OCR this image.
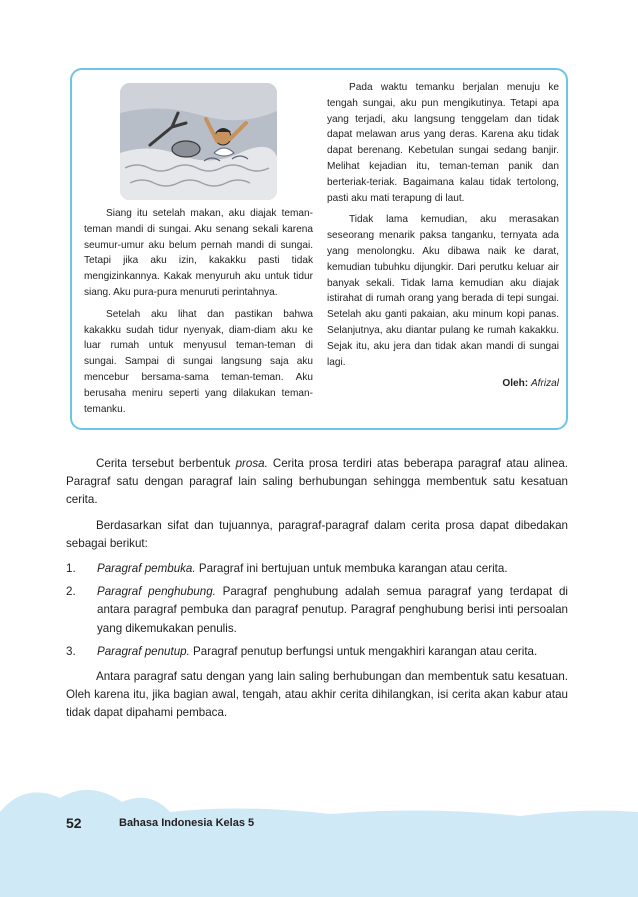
Siang itu setelah makan, aku diajak teman-teman mandi di sungai. Aku senang sekali karena seumur-umur aku belum pernah mandi di sungai. Tetapi jika aku izin, kakakku pasti tidak mengizinkannya. Kakak menyuruh aku untuk tidur siang. Aku pura-pura menuruti perintahnya.

Setelah aku lihat dan pastikan bahwa kakakku sudah tidur nyenyak, diam-diam aku ke luar rumah untuk menyusul teman-teman di sungai. Sampai di sungai langsung saja aku mencebur bersama-sama teman-teman. Aku berusaha meniru seperti yang dilakukan teman-temanku.

Pada waktu temanku berjalan menuju ke tengah sungai, aku pun mengikutinya. Tetapi apa yang terjadi, aku langsung tenggelam dan tidak dapat melawan arus yang deras. Karena aku tidak dapat berenang. Kebetulan sungai sedang banjir. Melihat kejadian itu, teman-teman panik dan berteriak-teriak. Bagaimana kalau tidak tertolong, pasti aku mati terapung di laut.

Tidak lama kemudian, aku merasakan seseorang menarik paksa tanganku, ternyata ada yang menolongku. Aku dibawa naik ke darat, kemudian tubuhku dijungkir. Dari perutku keluar air banyak sekali. Tidak lama kemudian aku diajak istirahat di rumah orang yang berada di tepi sungai. Setelah aku ganti pakaian, aku minum kopi panas. Selanjutnya, aku diantar pulang ke rumah kakakku. Sejak itu, aku jera dan tidak akan mandi di sungai lagi.

Oleh: Afrizal

Cerita tersebut berbentuk prosa. Cerita prosa terdiri atas beberapa paragraf atau alinea. Paragraf satu dengan paragraf lain saling berhubungan sehingga membentuk satu kesatuan cerita.

Berdasarkan sifat dan tujuannya, paragraf-paragraf dalam cerita prosa dapat dibedakan sebagai berikut:

1. Paragraf pembuka. Paragraf ini bertujuan untuk membuka karangan atau cerita.
2. Paragraf penghubung. Paragraf penghubung adalah semua paragraf yang terdapat di antara paragraf pembuka dan paragraf penutup. Paragraf penghubung berisi inti persoalan yang dikemukakan penulis.
3. Paragraf penutup. Paragraf penutup berfungsi untuk mengakhiri karangan atau cerita.

Antara paragraf satu dengan yang lain saling berhubungan dan membentuk satu kesatuan. Oleh karena itu, jika bagian awal, tengah, atau akhir cerita dihilangkan, isi cerita akan kabur atau tidak dapat dipahami pembaca.

52	Bahasa Indonesia Kelas 5
